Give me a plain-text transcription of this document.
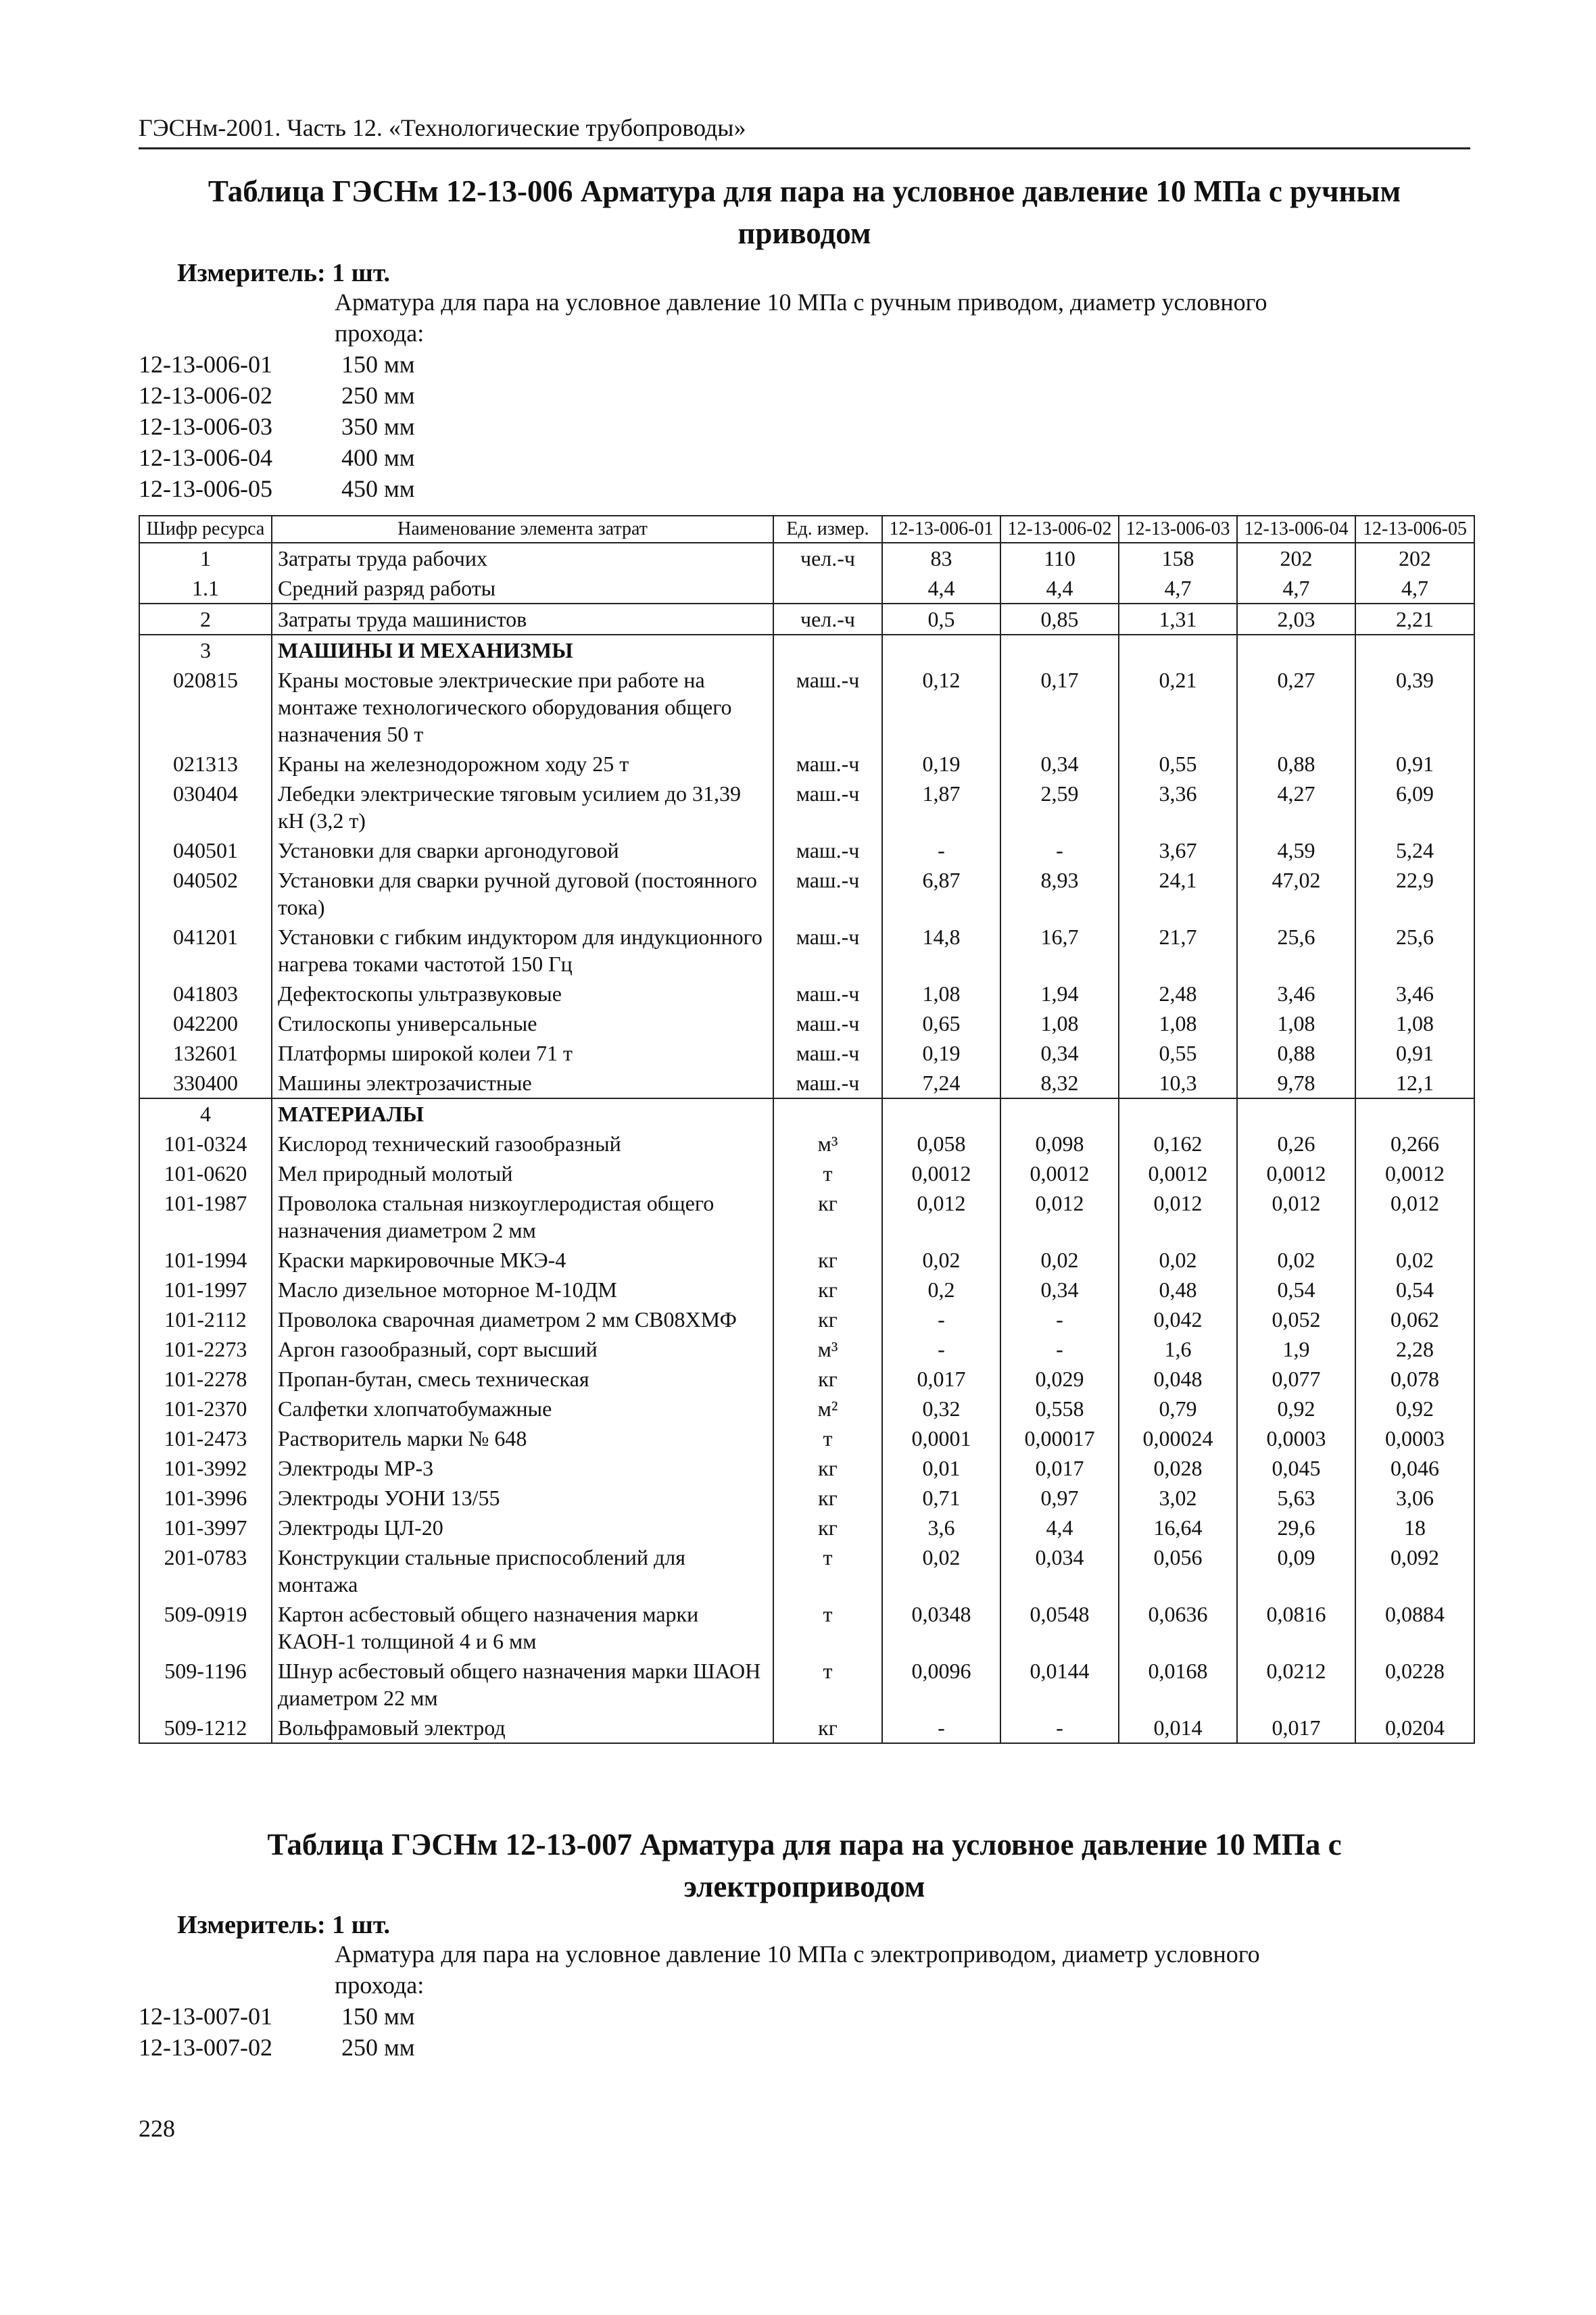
ГЭСНм-2001. Часть 12. «Технологические трубопроводы»
Таблица ГЭСНм 12-13-006 Арматура для пара на условное давление 10 МПа с ручным
приводом
Измеритель: 1 шт.
Арматура для пара на условное давление 10 МПа с ручным приводом, диаметр условного
прохода:
12-13-006-01	150 мм
12-13-006-02	250 мм
12-13-006-03	350 мм
12-13-006-04	400 мм
12-13-006-05	450 мм
Шифр ресурса	Наименование элемента затрат	Ед. измер.	12-13-006-01	12-13-006-02	12-13-006-03	12-13-006-04	12-13-006-05
1	Затраты труда рабочих	чел.-ч	83	110	158	202	202
1.1	Средний разряд работы		4,4	4,4	4,7	4,7	4,7
2	Затраты труда машинистов	чел.-ч	0,5	0,85	1,31	2,03	2,21
3	МАШИНЫ И МЕХАНИЗМЫ						
020815	Краны мостовые электрические при работе на монтаже технологического оборудования общего назначения 50 т	маш.-ч	0,12	0,17	0,21	0,27	0,39
021313	Краны на железнодорожном ходу 25 т	маш.-ч	0,19	0,34	0,55	0,88	0,91
030404	Лебедки электрические тяговым усилием до 31,39 кН (3,2 т)	маш.-ч	1,87	2,59	3,36	4,27	6,09
040501	Установки для сварки аргонодуговой	маш.-ч	-	-	3,67	4,59	5,24
040502	Установки для сварки ручной дуговой (постоянного тока)	маш.-ч	6,87	8,93	24,1	47,02	22,9
041201	Установки с гибким индуктором для индукционного нагрева токами частотой 150 Гц	маш.-ч	14,8	16,7	21,7	25,6	25,6
041803	Дефектоскопы ультразвуковые	маш.-ч	1,08	1,94	2,48	3,46	3,46
042200	Стилоскопы универсальные	маш.-ч	0,65	1,08	1,08	1,08	1,08
132601	Платформы широкой колеи 71 т	маш.-ч	0,19	0,34	0,55	0,88	0,91
330400	Машины электрозачистные	маш.-ч	7,24	8,32	10,3	9,78	12,1
4	МАТЕРИАЛЫ						
101-0324	Кислород технический газообразный	м³	0,058	0,098	0,162	0,26	0,266
101-0620	Мел природный молотый	т	0,0012	0,0012	0,0012	0,0012	0,0012
101-1987	Проволока стальная низкоуглеродистая общего назначения диаметром 2 мм	кг	0,012	0,012	0,012	0,012	0,012
101-1994	Краски маркировочные МКЭ-4	кг	0,02	0,02	0,02	0,02	0,02
101-1997	Масло дизельное моторное М-10ДМ	кг	0,2	0,34	0,48	0,54	0,54
101-2112	Проволока сварочная диаметром 2 мм СВ08ХМФ	кг	-	-	0,042	0,052	0,062
101-2273	Аргон газообразный, сорт высший	м³	-	-	1,6	1,9	2,28
101-2278	Пропан-бутан, смесь техническая	кг	0,017	0,029	0,048	0,077	0,078
101-2370	Салфетки хлопчатобумажные	м²	0,32	0,558	0,79	0,92	0,92
101-2473	Растворитель марки № 648	т	0,0001	0,00017	0,00024	0,0003	0,0003
101-3992	Электроды МР-3	кг	0,01	0,017	0,028	0,045	0,046
101-3996	Электроды УОНИ 13/55	кг	0,71	0,97	3,02	5,63	3,06
101-3997	Электроды ЦЛ-20	кг	3,6	4,4	16,64	29,6	18
201-0783	Конструкции стальные приспособлений для монтажа	т	0,02	0,034	0,056	0,09	0,092
509-0919	Картон асбестовый общего назначения марки КАОН-1 толщиной 4 и 6 мм	т	0,0348	0,0548	0,0636	0,0816	0,0884
509-1196	Шнур асбестовый общего назначения марки ШАОН диаметром 22 мм	т	0,0096	0,0144	0,0168	0,0212	0,0228
509-1212	Вольфрамовый электрод	кг	-	-	0,014	0,017	0,0204
Таблица ГЭСНм 12-13-007 Арматура для пара на условное давление 10 МПа с
электроприводом
Измеритель: 1 шт.
Арматура для пара на условное давление 10 МПа с электроприводом, диаметр условного
прохода:
12-13-007-01	150 мм
12-13-007-02	250 мм
228
